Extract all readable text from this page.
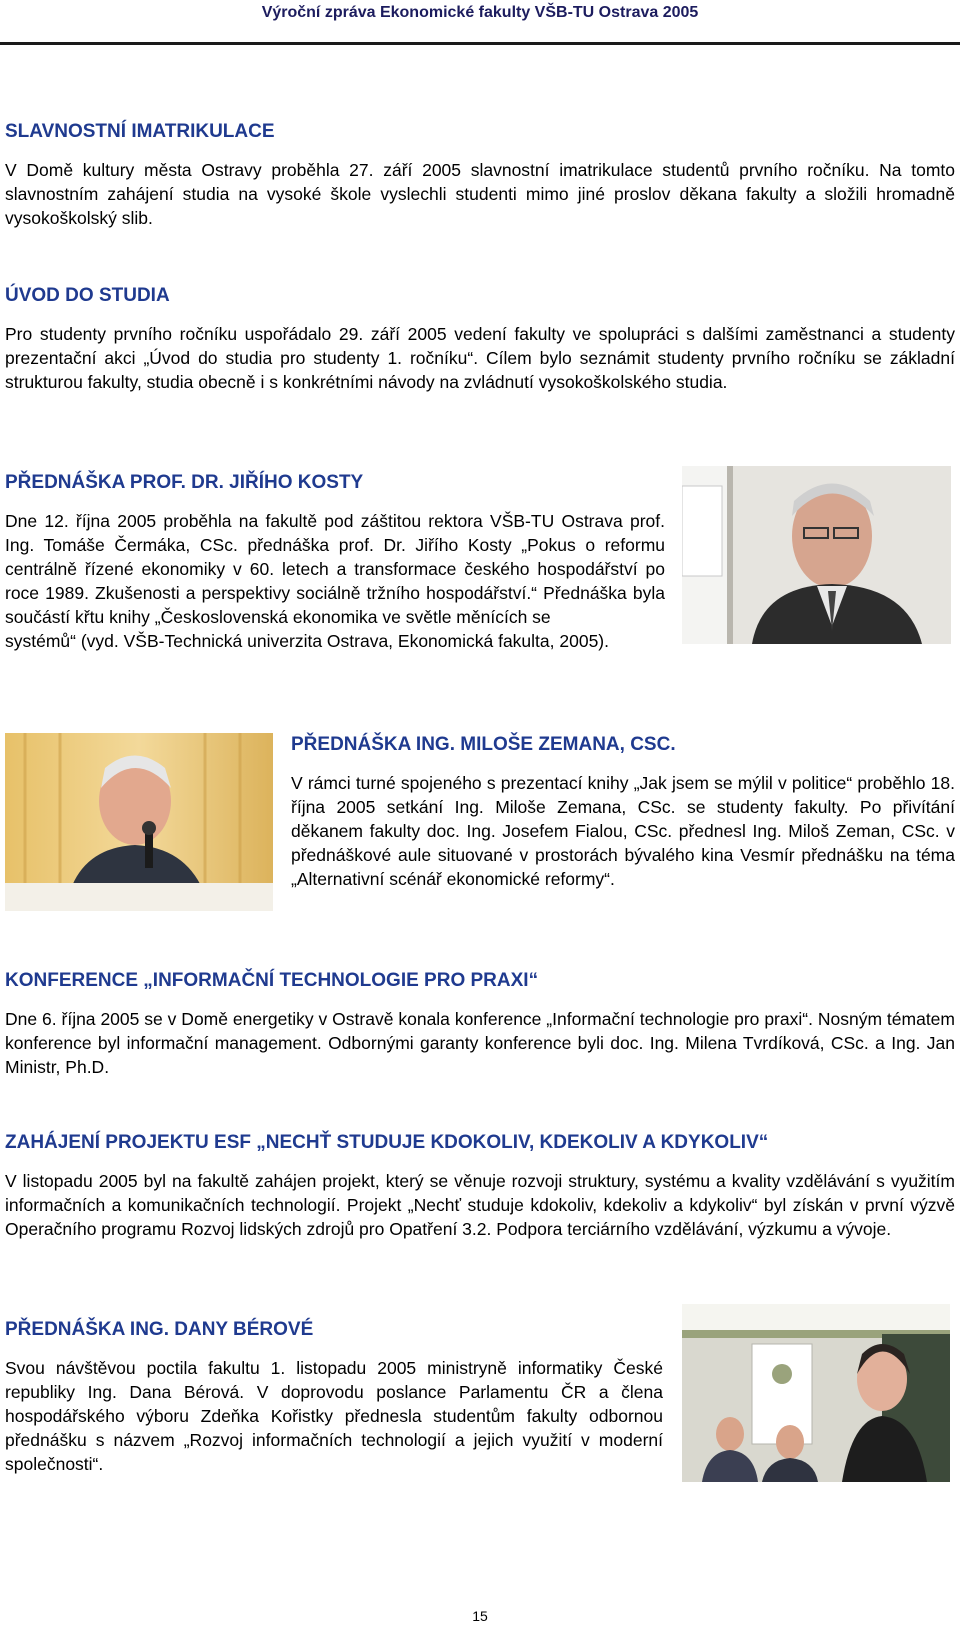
Výroční zpráva Ekonomické fakulty VŠB-TU Ostrava 2005
SLAVNOSTNÍ IMATRIKULACE

V Domě kultury města Ostravy proběhla 27. září 2005 slavnostní imatrikulace studentů prvního ročníku. Na tomto slavnostním zahájení studia na vysoké škole vyslechli studenti mimo jiné proslov děkana fakulty a složili hromadně vysokoškolský slib.

ÚVOD DO STUDIA

Pro studenty prvního ročníku uspořádalo 29. září 2005 vedení fakulty ve spolupráci s dalšími zaměstnanci a studenty prezentační akci „Úvod do studia pro studenty 1. ročníku“. Cílem bylo seznámit studenty prvního ročníku se základní strukturou fakulty, studia obecně i s konkrétními návody na zvládnutí vysokoškolského studia.

PŘEDNÁŠKA PROF. DR. JIŘÍHO KOSTY

Dne 12. října 2005 proběhla na fakultě pod záštitou rektora VŠB-TU Ostrava prof. Ing. Tomáše Čermáka, CSc. přednáška prof. Dr. Jiřího Kosty „Pokus o reformu centrálně řízené ekonomiky v 60. letech a transformace českého hospodářství po roce 1989. Zkušenosti a perspektivy sociálně tržního hospodářství.“ Přednáška byla součástí křtu knihy „Československá ekonomika ve světle měnících se

systémů“ (vyd. VŠB-Technická univerzita Ostrava, Ekonomická fakulta, 2005).

PŘEDNÁŠKA ING. MILOŠE ZEMANA, CSC.

V rámci turné spojeného s prezentací knihy „Jak jsem se mýlil v politice“ proběhlo 18. října 2005 setkání Ing. Miloše Zemana, CSc. se studenty fakulty. Po přivítání děkanem fakulty doc. Ing. Josefem Fialou, CSc. přednesl Ing. Miloš Zeman, CSc. v přednáškové aule situované v prostorách bývalého kina Vesmír přednášku na téma „Alternativní scénář ekonomické reformy“.

KONFERENCE „INFORMAČNÍ TECHNOLOGIE PRO PRAXI“

Dne 6. října 2005 se v Domě energetiky v Ostravě konala konference „Informační technologie pro praxi“. Nosným tématem konference byl informační management. Odbornými garanty konference byli doc. Ing. Milena Tvrdíková, CSc. a Ing. Jan Ministr, Ph.D.

ZAHÁJENÍ PROJEKTU ESF „NECHŤ STUDUJE KDOKOLIV, KDEKOLIV A KDYKOLIV“

V listopadu 2005 byl na fakultě zahájen projekt, který se věnuje rozvoji struktury, systému a kvality vzdělávání s využitím informačních a komunikačních technologií. Projekt „Nechť studuje kdokoliv, kdekoliv a kdykoliv“ byl získán v první výzvě Operačního programu Rozvoj lidských zdrojů pro Opatření 3.2. Podpora terciárního vzdělávání, výzkumu a vývoje.

PŘEDNÁŠKA ING. DANY BÉROVÉ

Svou návštěvou poctila fakultu 1. listopadu 2005 ministryně informatiky České republiky Ing. Dana Bérová. V doprovodu poslance Parlamentu ČR a člena hospodářského výboru Zdeňka Kořistky přednesla studentům fakulty odbornou přednášku s názvem „Rozvoj informačních technologií a jejich využití v moderní společnosti“.

15
